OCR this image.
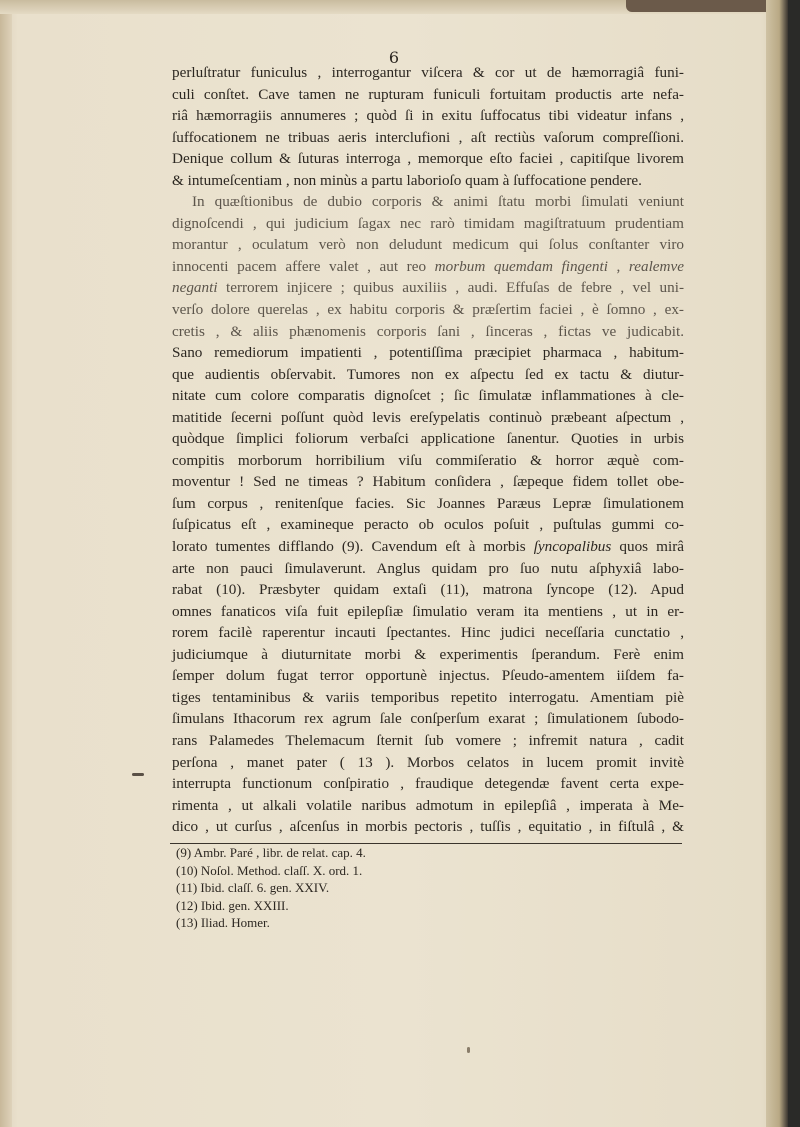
6
perluſtratur funiculus , interrogantur viſcera & cor ut de hæmorragiâ funi-
culi conſtet. Cave tamen ne rupturam funiculi fortuitam productis arte nefa-
riâ hæmorragiis annumeres ; quòd ſi in exitu ſuffocatus tibi videatur infans ,
ſuffocationem ne tribuas aeris interclufioni , aſt rectiùs vaſorum compreſſioni.
Denique collum & ſuturas interroga , memorque eſto faciei , capitiſque livorem
& intumeſcentiam , non minùs a partu laborioſo quam à ſuffocatione pendere.
In quæſtionibus de dubio corporis & animi ſtatu morbi ſimulati veniunt
dignoſcendi , qui judicium ſagax nec rarò timidam magiſtratuum prudentiam
morantur , oculatum verò non deludunt medicum qui ſolus conſtanter viro
innocenti pacem affere valet , aut reo morbum quemdam fingenti , realemve
neganti terrorem injicere ; quibus auxiliis , audi. Effuſas de febre , vel uni-
verſo dolore querelas , ex habitu corporis & præſertim faciei , è ſomno , ex-
cretis , & aliis phænomenis corporis ſani , ſinceras , fictas ve judicabit.
Sano remediorum impatienti , potentiſſima præcipiet pharmaca , habitum-
que audientis obſervabit. Tumores non ex aſpectu ſed ex tactu & diutur-
nitate cum colore comparatis dignoſcet ; ſic ſimulatæ inflammationes à cle-
matitide ſecerni poſſunt quòd levis ereſypelatis continuò præbeant aſpectum ,
quòdque ſimplici foliorum verbaſci applicatione ſanentur. Quoties in urbis
compitis morborum horribilium viſu commiſeratio & horror æquè com-
moventur ! Sed ne timeas ? Habitum conſidera , ſæpeque fidem tollet obe-
ſum corpus , renitenſque facies. Sic Joannes Paræus Lepræ ſimulationem
ſuſpicatus eſt , examineque peracto ob oculos poſuit , puſtulas gummi co-
lorato tumentes difflando (9). Cavendum eſt à morbis ſyncopalibus quos mirâ
arte non pauci ſimulaverunt. Anglus quidam pro ſuo nutu aſphyxiâ labo-
rabat (10). Præsbyter quidam extaſi (11), matrona ſyncope (12). Apud
omnes fanaticos viſa fuit epilepſiæ ſimulatio veram ita mentiens , ut in er-
rorem facilè raperentur incauti ſpectantes. Hinc judici neceſſaria cunctatio ,
judiciumque à diuturnitate morbi & experimentis ſperandum. Ferè enim
ſemper dolum fugat terror opportunè injectus. Pſeudo-amentem iiſdem fa-
tiges tentaminibus & variis temporibus repetito interrogatu. Amentiam piè
ſimulans Ithacorum rex agrum ſale conſperſum exarat ; ſimulationem ſubodo-
rans Palamedes Thelemacum ſternit ſub vomere ; infremit natura , cadit
perſona , manet pater ( 13 ). Morbos celatos in lucem promit invitè
interrupta functionum conſpiratio , fraudique detegendæ favent certa expe-
rimenta , ut alkali volatile naribus admotum in epilepſiâ , imperata à Me-
dico , ut curſus , aſcenſus in morbis pectoris , tuſſis , equitatio , in fiſtulâ , &
(9) Ambr. Paré , libr. de relat. cap. 4.
(10) Noſol. Method. claſſ. X. ord. 1.
(11) Ibid. claſſ. 6. gen. XXIV.
(12) Ibid. gen. XXIII.
(13) Iliad. Homer.
